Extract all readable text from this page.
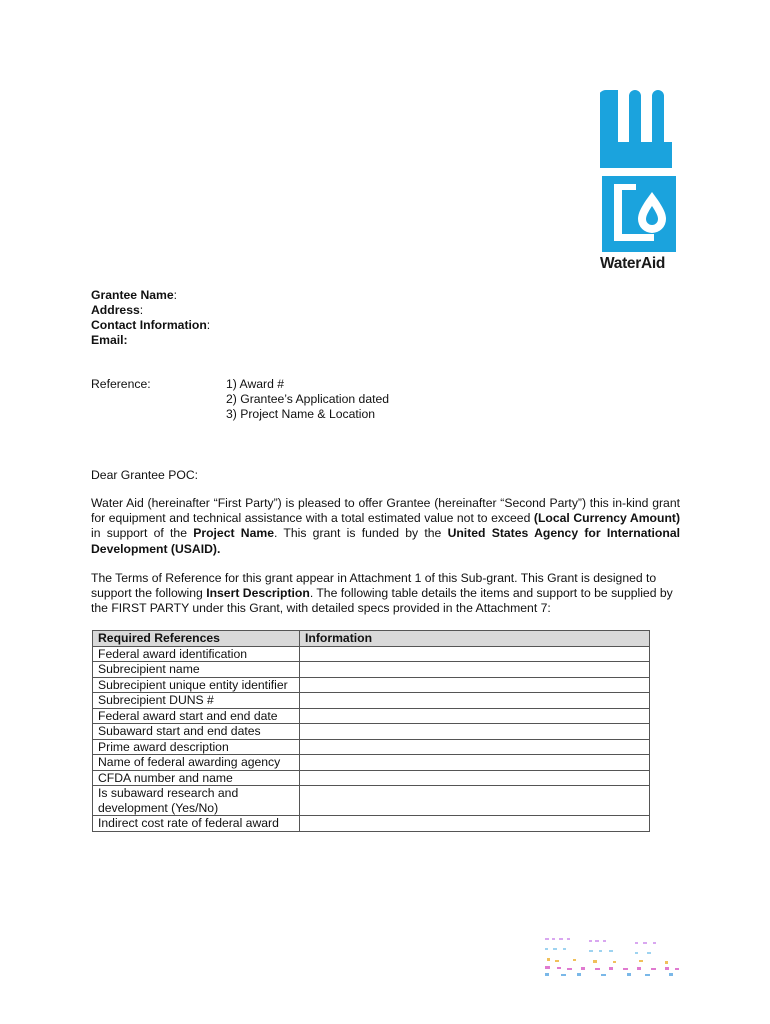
WaterAid
Grantee Name:
Address:
Contact Information:
Email:
Reference:	1) Award #
2) Grantee’s Application dated
3) Project Name & Location
Dear Grantee POC:
Water Aid (hereinafter “First Party”) is pleased to offer Grantee (hereinafter “Second Party”) this in-kind grant for equipment and technical assistance with a total estimated value not to exceed (Local Currency Amount) in support of the Project Name. This grant is funded by the United States Agency for International Development (USAID).
The Terms of Reference for this grant appear in Attachment 1 of this Sub-grant. This Grant is designed to support the following Insert Description. The following table details the items and support to be supplied by the FIRST PARTY under this Grant, with detailed specs provided in the Attachment 7:
Required References	Information
Federal award identification	
Subrecipient name	
Subrecipient unique entity identifier	
Subrecipient DUNS #	
Federal award start and end date	
Subaward start and end dates	
Prime award description	
Name of federal awarding agency	
CFDA number and name	
Is subaward research and development (Yes/No)	
Indirect cost rate of federal award	
